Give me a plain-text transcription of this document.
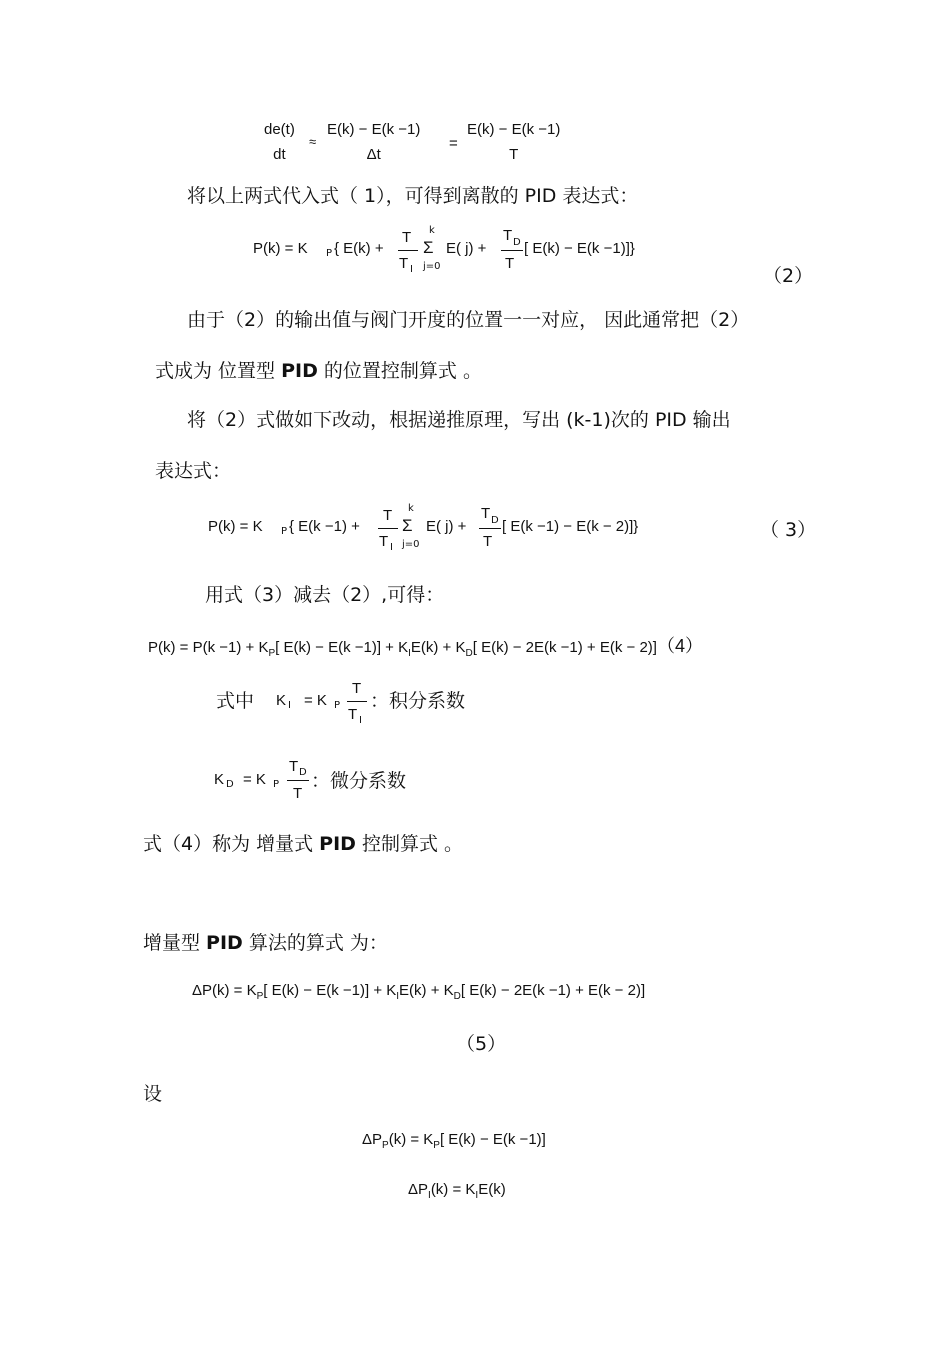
de(t)
dt
≈
E(k) − E(k −1)
Δt
=
E(k) − E(k −1)
T
将以上两式代入式（ 1），可得到离散的 PID 表达式：
P(k) = K P { E(k) +
T
T I
k
Σ
j=0
E( j) +
T D
T
[ E(k) − E(k −1)]}
（2）
由于（2）的输出值与阀门开度的位置一一对应， 因此通常把（2）
式成为 位置型 PID 的位置控制算式 。
将（2）式做如下改动，根据递推原理，写出 (k-1)次的 PID 输出
表达式：
P(k) = K P { E(k −1) +
T
T I
k
Σ
j=0
E( j) +
T D
T
[ E(k −1) − E(k − 2)]}	（ 3）
用式（3）减去（2）,可得：
$P(k) = P(k -1) + K_P$[ $E(k) - E(k -1)] + K_IE(k) + K_D$[ E(k) − 2E(k −1) + E(k − 2)]（4）
式中 K I = K P
T
T I
：积分系数
K D = K P
T D
T
：微分系数
式（4）称为 增量式 PID 控制算式 。
增量型 PID 算法的算式 为：
$\Delta P(k) = K_P$[ $E(k) - E(k -1)] + K_IE(k) + K_D$[ E(k) − 2E(k −1) + E(k − 2)]
（5）
设
$\Delta P_P(k) = K_P$[ E(k) − E(k −1)]
$\Delta P_I(k) = K_IE(k)$
